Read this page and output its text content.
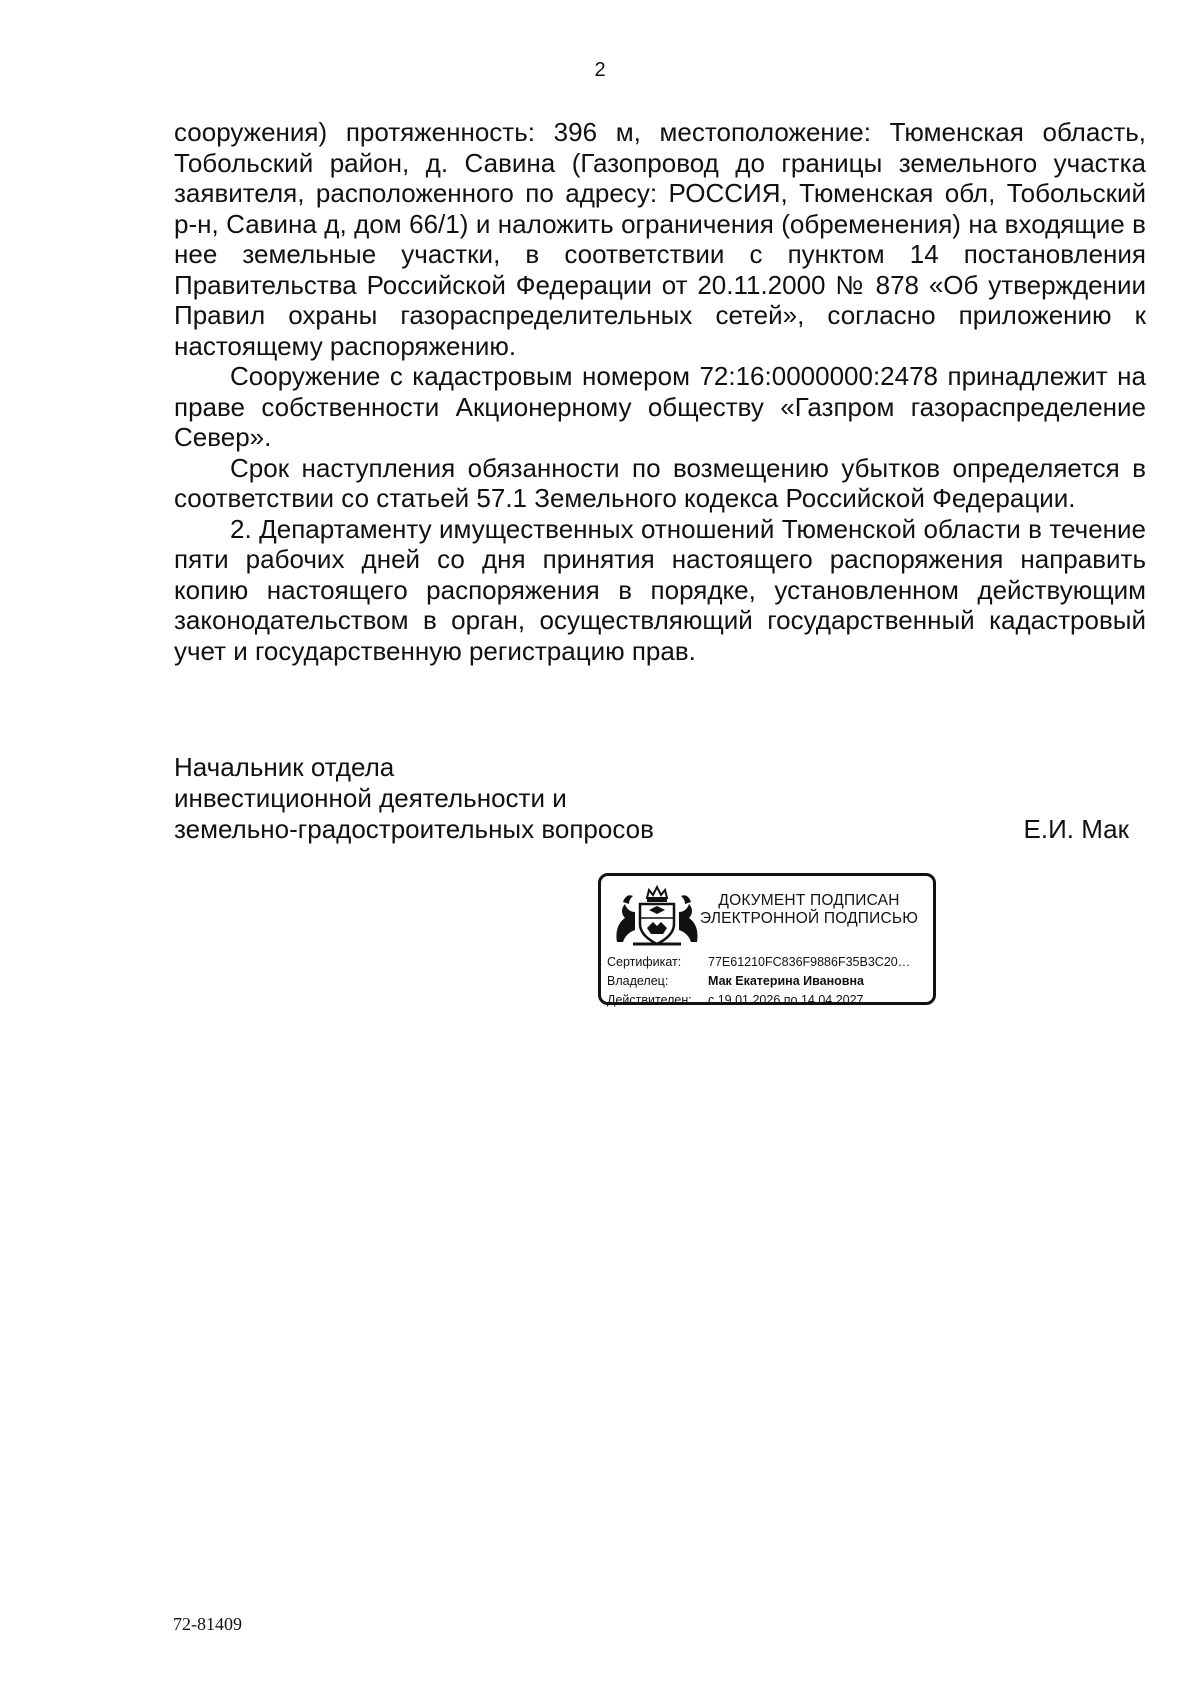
2

сооружения) протяженность: 396 м, местоположение: Тюменская область, Тобольский район, д. Савина (Газопровод до границы земельного участка заявителя, расположенного по адресу: РОССИЯ, Тюменская обл, Тобольский р-н, Савина д, дом 66/1) и наложить ограничения (обременения) на входящие в нее земельные участки, в соответствии с пунктом 14 постановления Правительства Российской Федерации от 20.11.2000 № 878 «Об утверждении Правил охраны газораспределительных сетей», согласно приложению к настоящему распоряжению.

Сооружение с кадастровым номером 72:16:0000000:2478 принадлежит на праве собственности Акционерному обществу «Газпром газораспределение Север».

Срок наступления обязанности по возмещению убытков определяется в соответствии со статьей 57.1 Земельного кодекса Российской Федерации.

2. Департаменту имущественных отношений Тюменской области в течение пяти рабочих дней со дня принятия настоящего распоряжения направить копию настоящего распоряжения в порядке, установленном действующим законодательством в орган, осуществляющий государственный кадастровый учет и государственную регистрацию прав.

Начальник отдела
инвестиционной деятельности и
земельно-градостроительных вопросов	Е.И. Мак
ДОКУМЕНТ ПОДПИСАН
ЭЛЕКТРОННОЙ ПОДПИСЬЮ
Сертификат:	77E61210FC836F9886F35B3C20…
Владелец:	Мак Екатерина Ивановна
Действителен:	с 19.01.2026 по 14.04.2027
72-81409
